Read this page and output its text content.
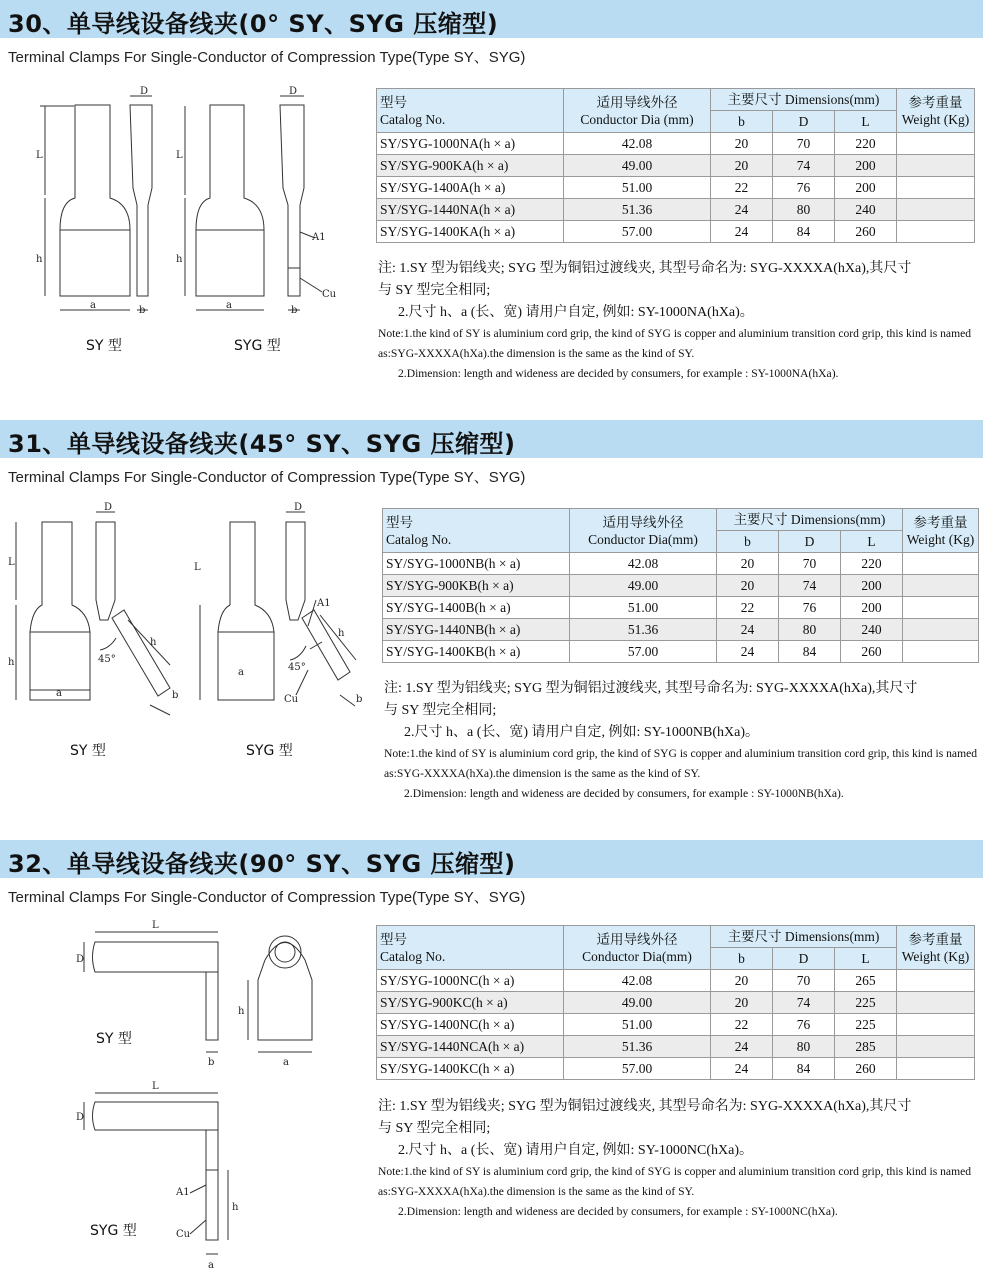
30、单导线设备线夹(0° SY、SYG 压缩型)
Terminal Clamps For Single-Conductor of Compression Type(Type SY、SYG)
D
L
h
a	b
D
L
h
a	b
A1
Cu
SY 型	SYG 型
型号
Catalog No.	适用导线外径
Conductor Dia (mm)	主要尺寸 Dimensions(mm)			参考重量
Weight (Kg)
		b	D	L	
SY/SYG-1000NA(h × a)	42.08	20	70	220	
SY/SYG-900KA(h × a)	49.00	20	74	200	
SY/SYG-1400A(h × a)	51.00	22	76	200	
SY/SYG-1440NA(h × a)	51.36	24	80	240	
SY/SYG-1400KA(h × a)	57.00	24	84	260	
注: 1.SY 型为铝线夹; SYG 型为铜铝过渡线夹, 其型号命名为: SYG-XXXXA(hXa),其尺寸
与 SY 型完全相同;
2.尺寸 h、a (长、宽) 请用户自定, 例如: SY-1000NA(hXa)。
Note:1.the kind of SY is aluminium cord grip, the kind of SYG is copper and aluminium transition cord grip, this kind is named as:SYG-XXXXA(hXa).the dimension is the same as the kind of SY.
2.Dimension: length and wideness are decided by consumers, for example : SY-1000NA(hXa).
31、单导线设备线夹(45° SY、SYG 压缩型)
Terminal Clamps For Single-Conductor of Compression Type(Type SY、SYG)
D
L
h
a
45°
h
b
D
L
a
A1
45°
h
Cu	b
SY 型	SYG 型
型号
Catalog No.	适用导线外径
Conductor Dia(mm)	主要尺寸 Dimensions(mm)			参考重量
Weight (Kg)
		b	D	L	
SY/SYG-1000NB(h × a)	42.08	20	70	220	
SY/SYG-900KB(h × a)	49.00	20	74	200	
SY/SYG-1400B(h × a)	51.00	22	76	200	
SY/SYG-1440NB(h × a)	51.36	24	80	240	
SY/SYG-1400KB(h × a)	57.00	24	84	260	
注: 1.SY 型为铝线夹; SYG 型为铜铝过渡线夹, 其型号命名为: SYG-XXXXA(hXa),其尺寸
与 SY 型完全相同;
2.尺寸 h、a (长、宽) 请用户自定, 例如: SY-1000NB(hXa)。
Note:1.the kind of SY is aluminium cord grip, the kind of SYG is copper and aluminium transition cord grip, this kind is named as:SYG-XXXXA(hXa).the dimension is the same as the kind of SY.
2.Dimension: length and wideness are decided by consumers, for example : SY-1000NB(hXa).
32、单导线设备线夹(90° SY、SYG 压缩型)
Terminal Clamps For Single-Conductor of Compression Type(Type SY、SYG)
L
D
b
h
a
L
D
A1
Cu
h
a
SY 型
SYG 型
型号
Catalog No.	适用导线外径
Conductor Dia(mm)	主要尺寸 Dimensions(mm)			参考重量
Weight (Kg)
		b	D	L	
SY/SYG-1000NC(h × a)	42.08	20	70	265	
SY/SYG-900KC(h × a)	49.00	20	74	225	
SY/SYG-1400NC(h × a)	51.00	22	76	225	
SY/SYG-1440NCA(h × a)	51.36	24	80	285	
SY/SYG-1400KC(h × a)	57.00	24	84	260	
注: 1.SY 型为铝线夹; SYG 型为铜铝过渡线夹, 其型号命名为: SYG-XXXXA(hXa),其尺寸
与 SY 型完全相同;
2.尺寸 h、a (长、宽) 请用户自定, 例如: SY-1000NC(hXa)。
Note:1.the kind of SY is aluminium cord grip, the kind of SYG is copper and aluminium transition cord grip, this kind is named as:SYG-XXXXA(hXa).the dimension is the same as the kind of SY.
2.Dimension: length and wideness are decided by consumers, for example : SY-1000NC(hXa).
